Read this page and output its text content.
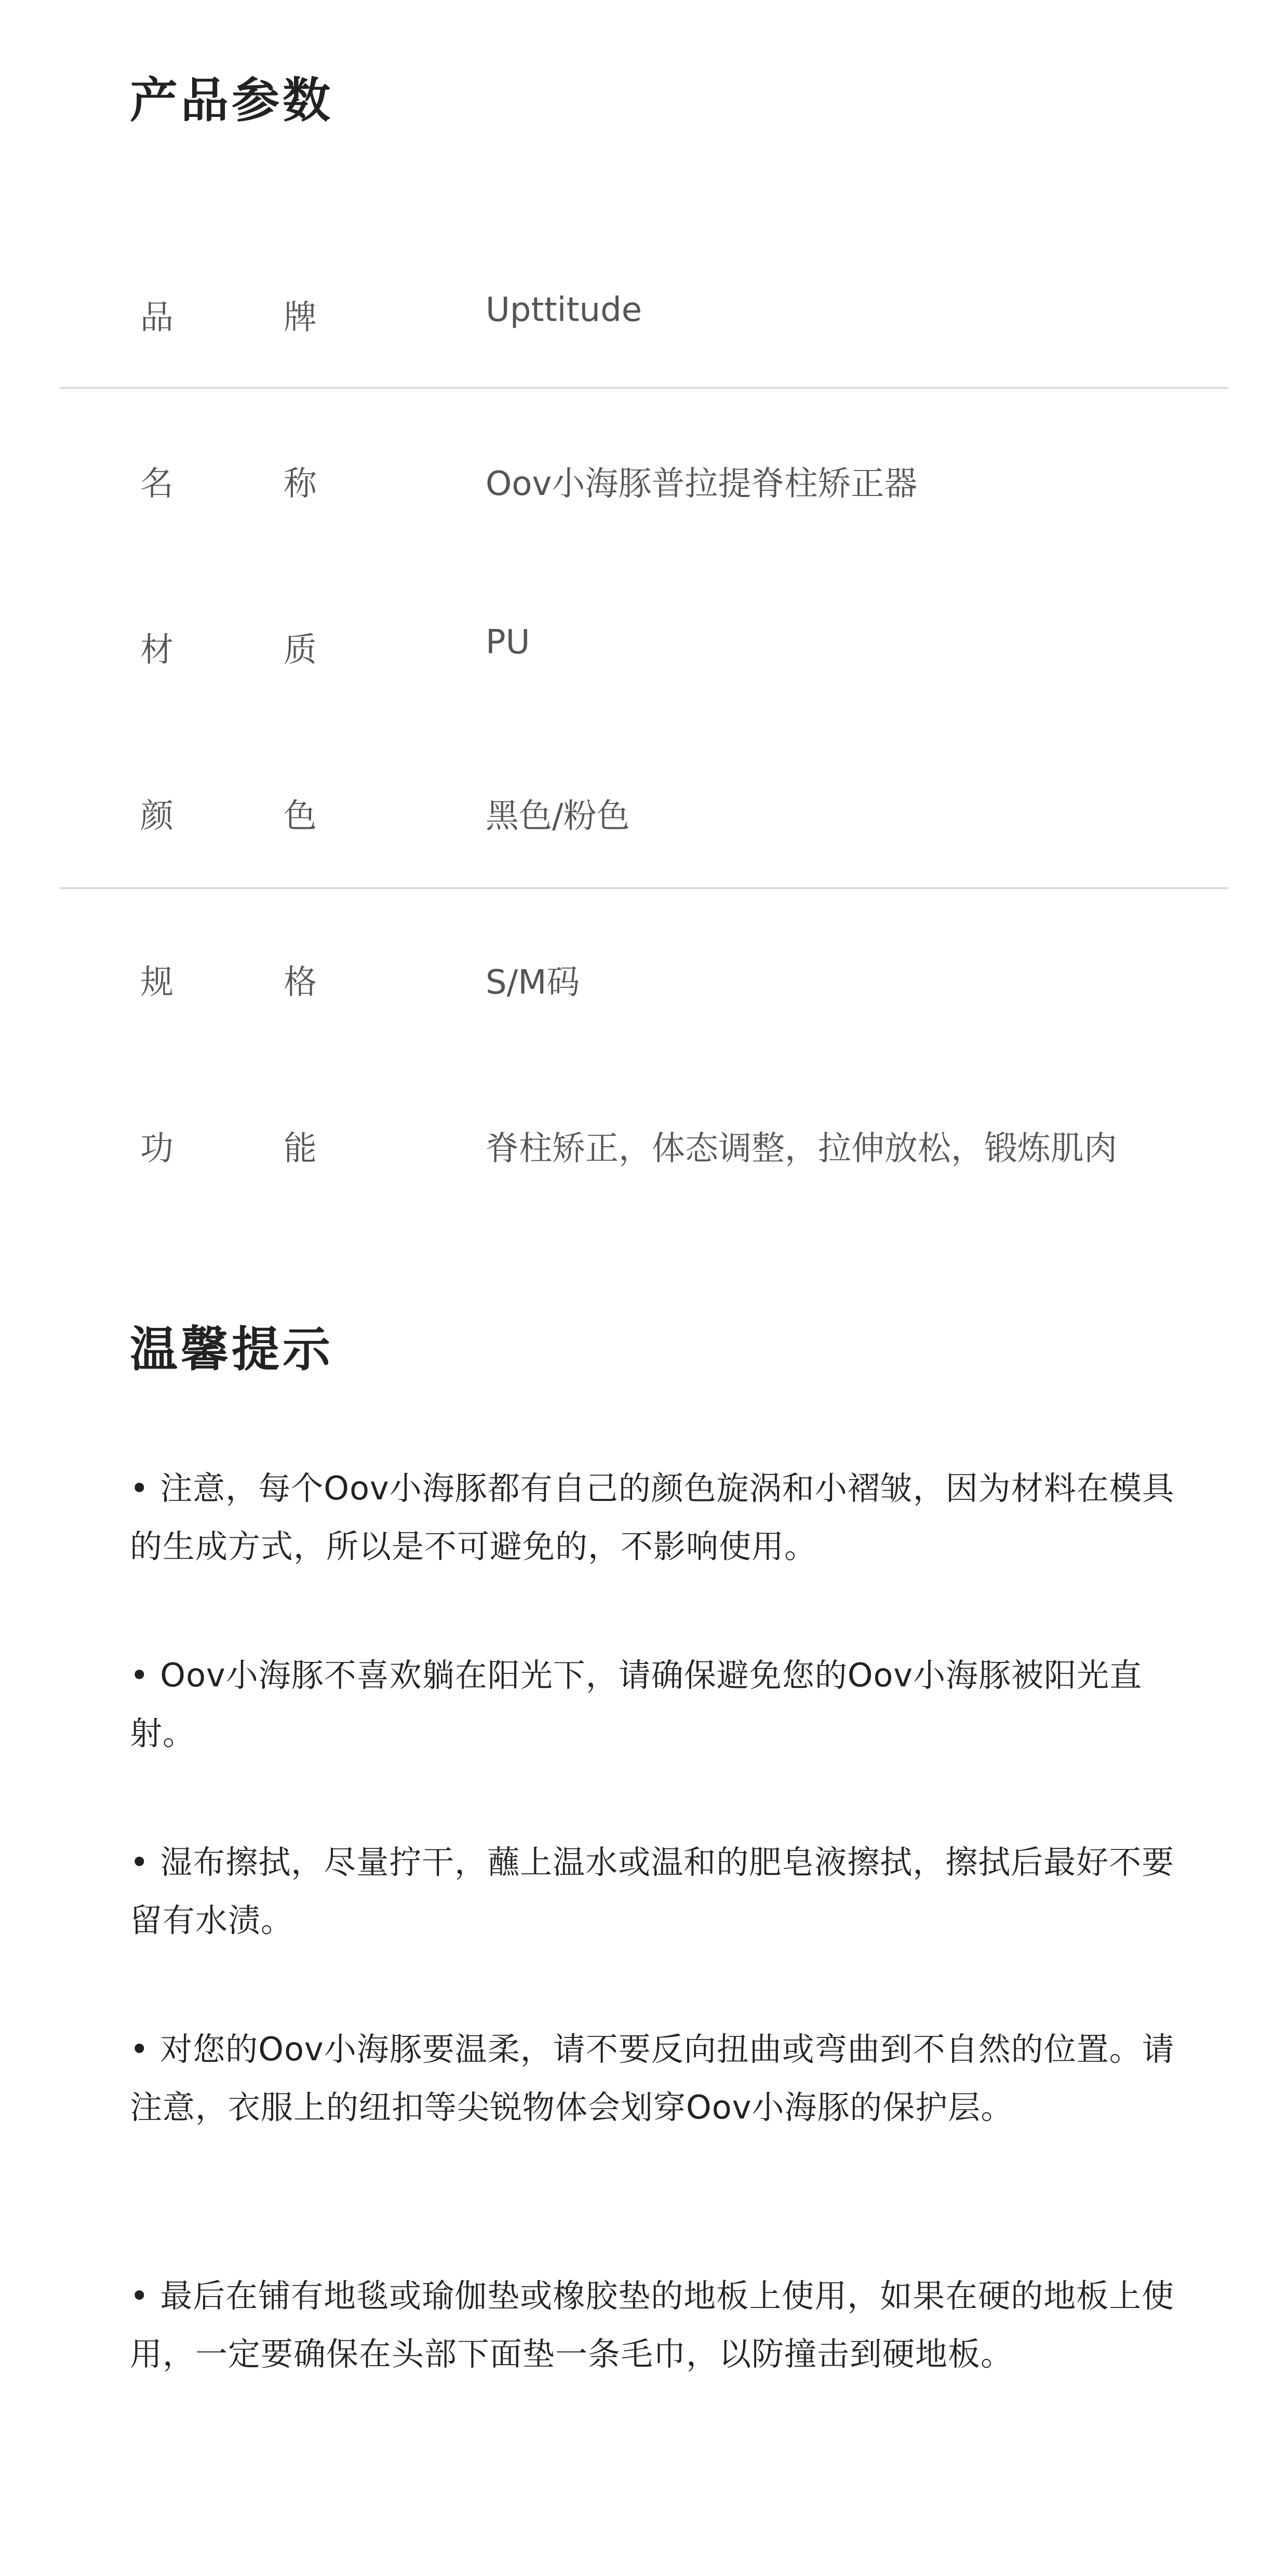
产品参数
品	牌	Upttitude
名	称	Oov小海豚普拉提脊柱矫正器
材	质	PU
颜	色	黑色/粉色
规	格	S/M码
功	能	脊柱矫正，体态调整，拉伸放松，锻炼肌肉
温馨提示

• 注意，每个Oov小海豚都有自己的颜色旋涡和小褶皱，因为材料在模具的生成方式，所以是不可避免的，不影响使用。

• Oov小海豚不喜欢躺在阳光下，请确保避免您的Oov小海豚被阳光直射。

• 湿布擦拭，尽量拧干，蘸上温水或温和的肥皂液擦拭，擦拭后最好不要留有水渍。

• 对您的Oov小海豚要温柔，请不要反向扭曲或弯曲到不自然的位置。请注意，衣服上的纽扣等尖锐物体会划穿Oov小海豚的保护层。

• 最后在铺有地毯或瑜伽垫或橡胶垫的地板上使用，如果在硬的地板上使用，一定要确保在头部下面垫一条毛巾，以防撞击到硬地板。
